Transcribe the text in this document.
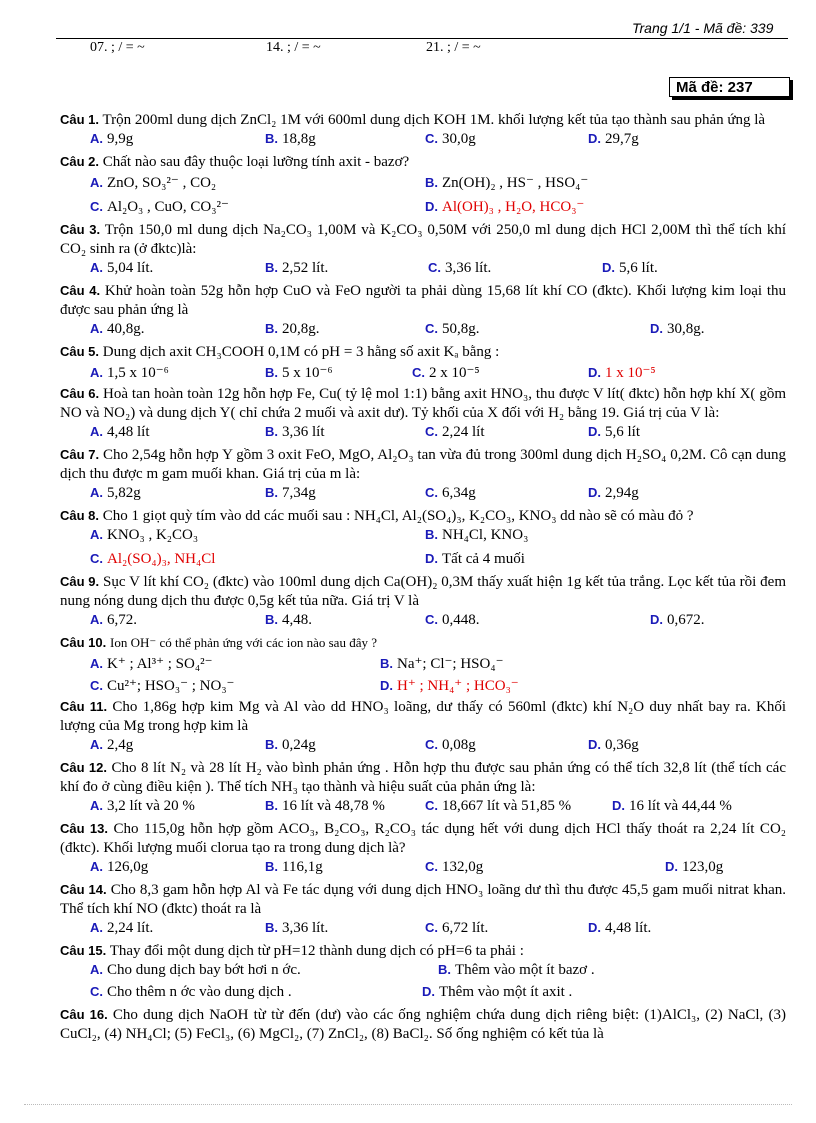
Trang 1/1 - Mã đề: 339
07. ; / = ~	14. ; / = ~	21. ; / = ~
Mã đề: 237

Câu 1. Trộn 200ml dung dịch ZnCl₂ 1M với 600ml dung dịch KOH 1M. khối lượng kết tủa tạo thành sau phản ứng là

A. 9,9g	B. 18,8g	C. 30,0g	D. 29,7g

Câu 2. Chất nào sau đây thuộc loại lưỡng tính axit - bazơ?

A. ZnO, SO₃²⁻ , CO₂	B. Zn(OH)₂ , HS⁻ , HSO₄⁻
C. Al₂O₃ , CuO, CO₃²⁻	D. Al(OH)₃ , H₂O, HCO₃⁻

Câu 3. Trộn 150,0 ml dung dịch Na₂CO₃ 1,00M và K₂CO₃ 0,50M với 250,0 ml dung dịch HCl 2,00M thì thể tích khí CO₂ sinh ra (ở đktc)là:

A. 5,04 lít.	B. 2,52 lít.	C. 3,36 lít.	D. 5,6 lít.

Câu 4. Khử hoàn toàn 52g hỗn hợp CuO và FeO người ta phải dùng 15,68 lít khí CO (đktc). Khối lượng kim loại thu được sau phản ứng là

A. 40,8g.	B. 20,8g.	C. 50,8g.	D. 30,8g.

Câu 5. Dung dịch axit CH₃COOH 0,1M có pH = 3 hằng số axit Kₐ bằng :

A. 1,5 x 10⁻⁶	B. 5 x 10⁻⁶	C. 2 x 10⁻⁵	D. 1 x 10⁻⁵

Câu 6. Hoà tan hoàn toàn 12g hỗn hợp Fe, Cu( tỷ lệ mol 1:1) bằng axit HNO₃, thu được V lít( đktc) hỗn hợp khí X( gồm NO và NO₂) và dung dịch Y( chỉ chứa 2 muối và axit dư). Tỷ khối của X đối với H₂ bằng 19. Giá trị của V là:

A. 4,48 lít	B. 3,36 lít	C. 2,24 lít	D. 5,6 lít

Câu 7. Cho 2,54g hỗn hợp Y gồm 3 oxit FeO, MgO, Al₂O₃ tan vừa đủ trong 300ml dung dịch H₂SO₄ 0,2M. Cô cạn dung dịch thu được m gam muối khan. Giá trị của m là:

A. 5,82g	B. 7,34g	C. 6,34g	D. 2,94g

Câu 8. Cho 1 giọt quỳ tím vào dd các muối sau : NH₄Cl, Al₂(SO₄)₃, K₂CO₃, KNO₃ dd nào sẽ có màu đỏ ?

A. KNO₃ , K₂CO₃	B. NH₄Cl, KNO₃
C. Al₂(SO₄)₃, NH₄Cl	D. Tất cả 4 muối

Câu 9. Sục V lít khí CO₂ (đktc) vào 100ml dung dịch Ca(OH)₂ 0,3M thấy xuất hiện 1g kết tủa trắng. Lọc kết tủa rồi đem nung nóng dung dịch thu được 0,5g kết tủa nữa. Giá trị V là

A. 6,72.	B. 4,48.	C. 0,448.	D. 0,672.

Câu 10. Ion OH⁻ có thể phản ứng với các ion nào sau đây ?

A. K⁺ ; Al³⁺ ; SO₄²⁻	B. Na⁺; Cl⁻; HSO₄⁻
C. Cu²⁺; HSO₃⁻ ; NO₃⁻	D. H⁺ ; NH₄⁺ ; HCO₃⁻

Câu 11. Cho 1,86g hợp kim Mg và Al vào dd HNO₃ loãng, dư thấy có 560ml (đktc) khí N₂O duy nhất bay ra. Khối lượng của Mg trong hợp kim là

A. 2,4g	B. 0,24g	C. 0,08g	D. 0,36g

Câu 12. Cho 8 lít N₂ và 28 lít H₂ vào bình phản ứng . Hỗn hợp thu được sau phản ứng có thể tích 32,8 lít (thể tích các khí đo ở cùng điều kiện ). Thể tích NH₃ tạo thành và hiệu suất của phản ứng là:

A. 3,2 lít và 20 %	B. 16 lít và 48,78 %	C. 18,667 lít và 51,85 %	D. 16 lít và 44,44 %

Câu 13. Cho 115,0g hỗn hợp gồm ACO₃, B₂CO₃, R₂CO₃ tác dụng hết với dung dịch HCl thấy thoát ra 2,24 lít CO₂ (đktc). Khối lượng muối clorua tạo ra trong dung dịch là?

A. 126,0g	B. 116,1g	C. 132,0g	D. 123,0g

Câu 14. Cho 8,3 gam hỗn hợp Al và Fe tác dụng với dung dịch HNO₃ loãng dư thì thu được 45,5 gam muối nitrat khan. Thể tích khí NO (đktc) thoát ra là

A. 2,24 lít.	B. 3,36 lít.	C. 6,72 lít.	D. 4,48 lít.

Câu 15. Thay đổi một dung dịch từ pH=12 thành dung dịch có pH=6 ta phải :

A. Cho dung dịch bay bớt hơi n ớc.	B. Thêm vào một ít bazơ .
C. Cho thêm n ớc vào dung dịch .	D. Thêm vào một ít axit .

Câu 16. Cho dung dịch NaOH từ từ đến (dư) vào các ống nghiệm chứa dung dịch riêng biệt: (1)AlCl₃, (2) NaCl, (3) CuCl₂, (4) NH₄Cl; (5) FeCl₃, (6) MgCl₂, (7) ZnCl₂, (8) BaCl₂. Số ống nghiệm có kết tủa là
